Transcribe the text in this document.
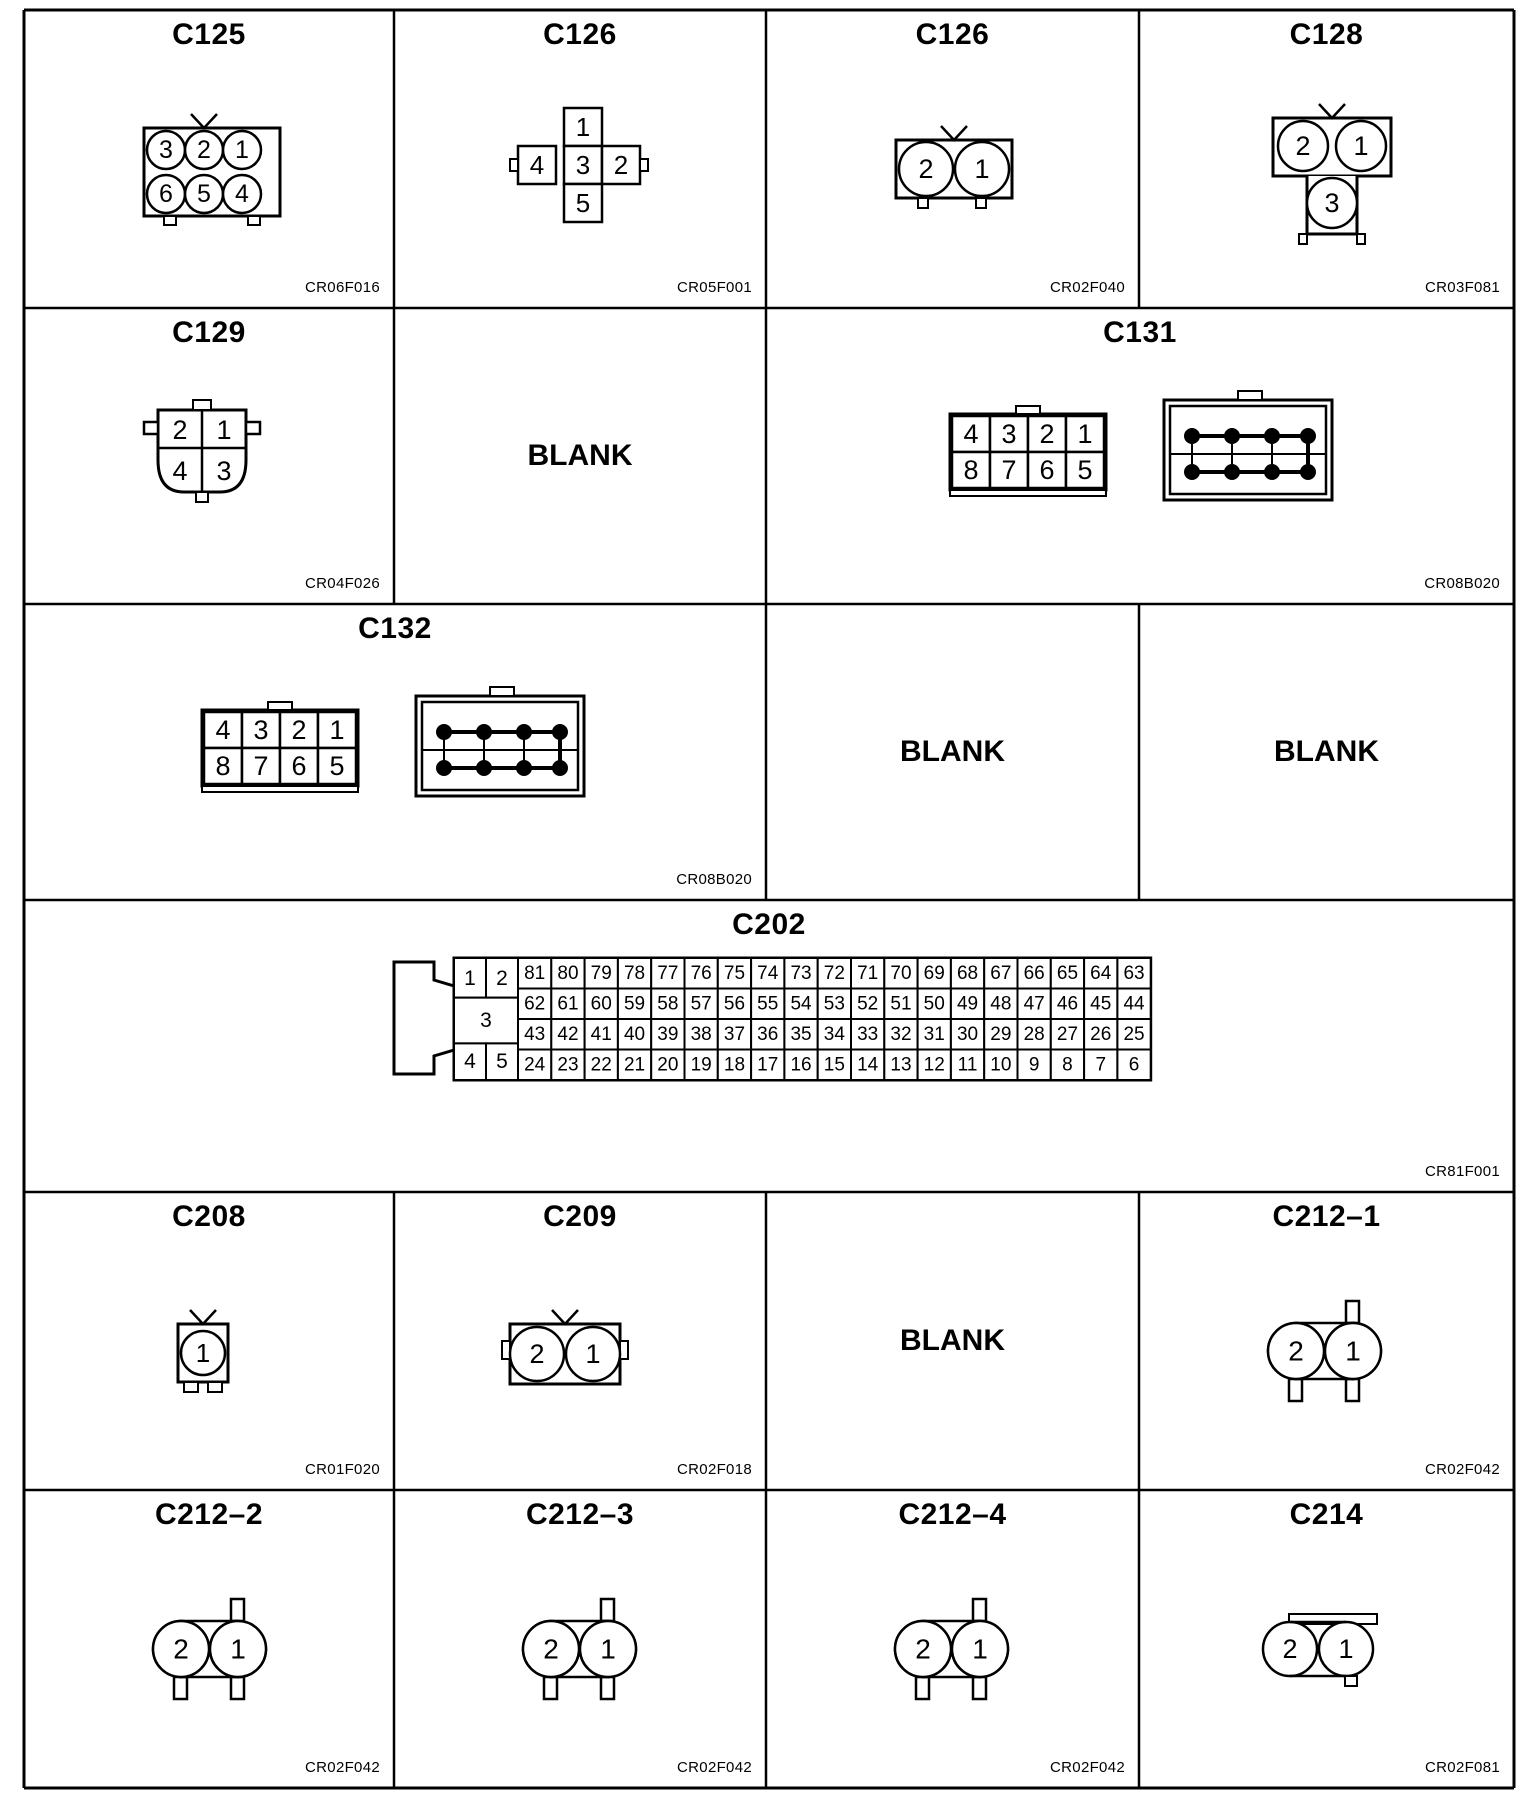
C125
CR06F016
3 2 1
6 5 4
C126
CR05F001
1
4 3 2
5
C126
CR02F040
2 1
C128
CR03F081
2 1
3
C129
CR04F026
2 1
4 3	BLANK
C131
CR08B020
4 3 2 1
8 7 6 5
C132
CR08B020
4 3 2 1
8 7 6 5	BLANK	BLANK
C202
CR81F001
1 2
3
4 5
81 80 79 78 77 76 75 74 73 72 71 70 69 68 67 66 65 64 63
62 61 60 59 58 57 56 55 54 53 52 51 50 49 48 47 46 45 44
43 42 41 40 39 38 37 36 35 34 33 32 31 30 29 28 27 26 25
24 23 22 21 20 19 18 17 16 15 14 13 12 11 10 9 8 7 6
C208
CR01F020
1
C209
CR02F018
2 1	BLANK
C212–1
CR02F042
2 1
C212–2
CR02F042
2 1
C212–3
CR02F042
2 1
C212–4
CR02F042
2 1
C214
CR02F081
2 1
